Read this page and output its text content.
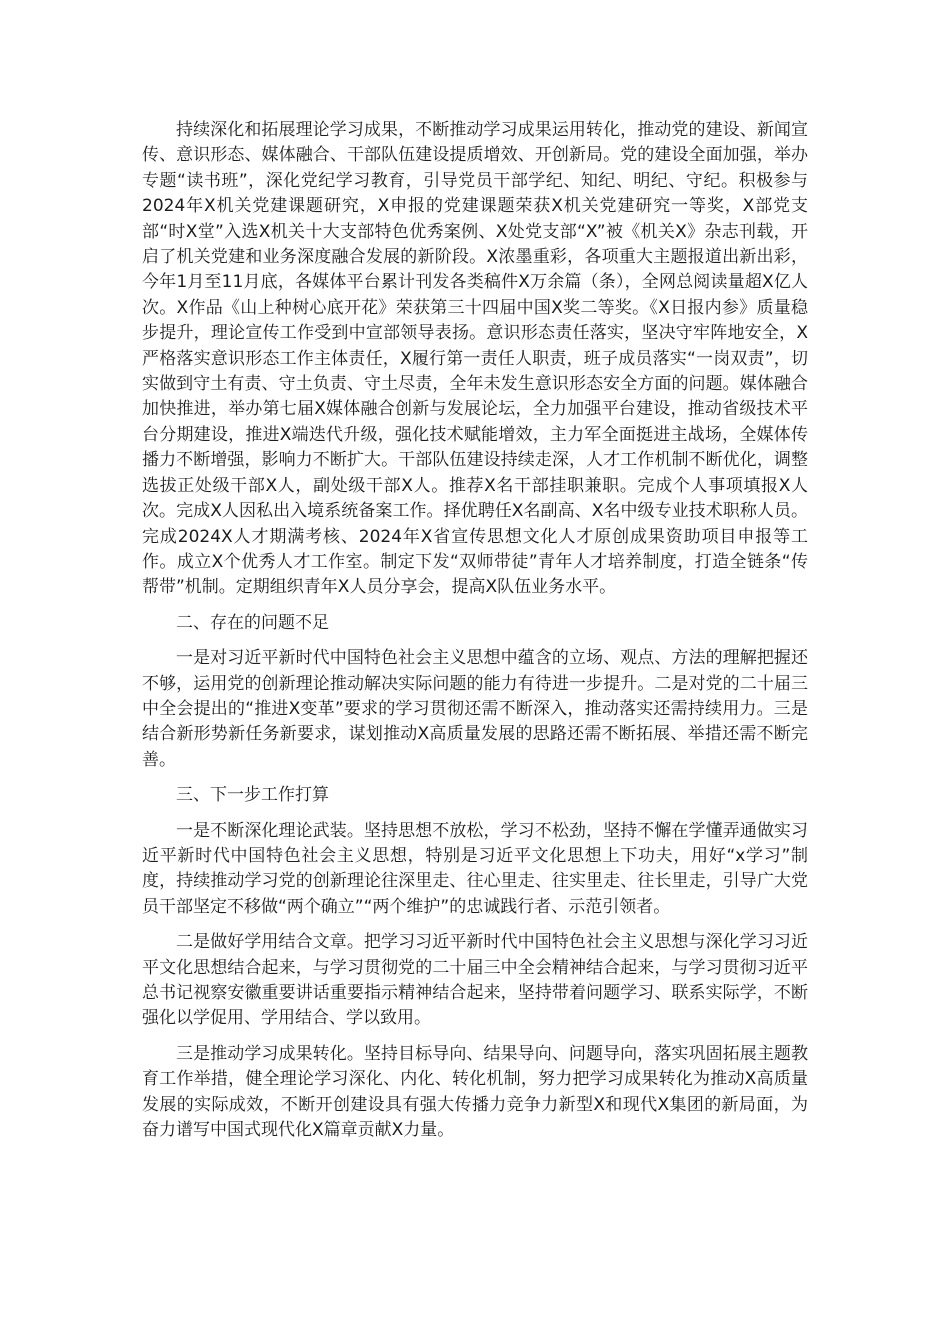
持续深化和拓展理论学习成果，不断推动学习成果运用转化，推动党的建设、新闻宣传、意识形态、媒体融合、干部队伍建设提质增效、开创新局。党的建设全面加强，举办专题“读书班”，深化党纪学习教育，引导党员干部学纪、知纪、明纪、守纪。积极参与2024年X机关党建课题研究，X申报的党建课题荣获X机关党建研究一等奖，X部党支部“时X堂”入选X机关十大支部特色优秀案例、X处党支部“X”被《机关X》杂志刊载，开启了机关党建和业务深度融合发展的新阶段。X浓墨重彩，各项重大主题报道出新出彩，今年1月至11月底，各媒体平台累计刊发各类稿件X万余篇（条），全网总阅读量超X亿人次。X作品《山上种树心底开花》荣获第三十四届中国X奖二等奖。《X日报内参》质量稳步提升，理论宣传工作受到中宣部领导表扬。意识形态责任落实，坚决守牢阵地安全，X严格落实意识形态工作主体责任，X履行第一责任人职责，班子成员落实“一岗双责”，切实做到守土有责、守土负责、守土尽责，全年未发生意识形态安全方面的问题。媒体融合加快推进，举办第七届X媒体融合创新与发展论坛，全力加强平台建设，推动省级技术平台分期建设，推进X端迭代升级，强化技术赋能增效，主力军全面挺进主战场，全媒体传播力不断增强，影响力不断扩大。干部队伍建设持续走深，人才工作机制不断优化，调整选拔正处级干部X人，副处级干部X人。推荐X名干部挂职兼职。完成个人事项填报X人次。完成X人因私出入境系统备案工作。择优聘任X名副高、X名中级专业技术职称人员。完成2024X人才期满考核、2024年X省宣传思想文化人才原创成果资助项目申报等工作。成立X个优秀人才工作室。制定下发“双师带徒”青年人才培养制度，打造全链条“传帮带”机制。定期组织青年X人员分享会，提高X队伍业务水平。

二、存在的问题不足

一是对习近平新时代中国特色社会主义思想中蕴含的立场、观点、方法的理解把握还不够，运用党的创新理论推动解决实际问题的能力有待进一步提升。二是对党的二十届三中全会提出的“推进X变革”要求的学习贯彻还需不断深入，推动落实还需持续用力。三是结合新形势新任务新要求，谋划推动X高质量发展的思路还需不断拓展、举措还需不断完善。

三、下一步工作打算

一是不断深化理论武装。坚持思想不放松，学习不松劲，坚持不懈在学懂弄通做实习近平新时代中国特色社会主义思想，特别是习近平文化思想上下功夫，用好“x学习”制度，持续推动学习党的创新理论往深里走、往心里走、往实里走、往长里走，引导广大党员干部坚定不移做“两个确立”“两个维护”的忠诚践行者、示范引领者。

二是做好学用结合文章。把学习习近平新时代中国特色社会主义思想与深化学习习近平文化思想结合起来，与学习贯彻党的二十届三中全会精神结合起来，与学习贯彻习近平总书记视察安徽重要讲话重要指示精神结合起来，坚持带着问题学习、联系实际学，不断强化以学促用、学用结合、学以致用。

三是推动学习成果转化。坚持目标导向、结果导向、问题导向，落实巩固拓展主题教育工作举措，健全理论学习深化、内化、转化机制，努力把学习成果转化为推动X高质量发展的实际成效，不断开创建设具有强大传播力竞争力新型X和现代X集团的新局面，为奋力谱写中国式现代化X篇章贡献X力量。
